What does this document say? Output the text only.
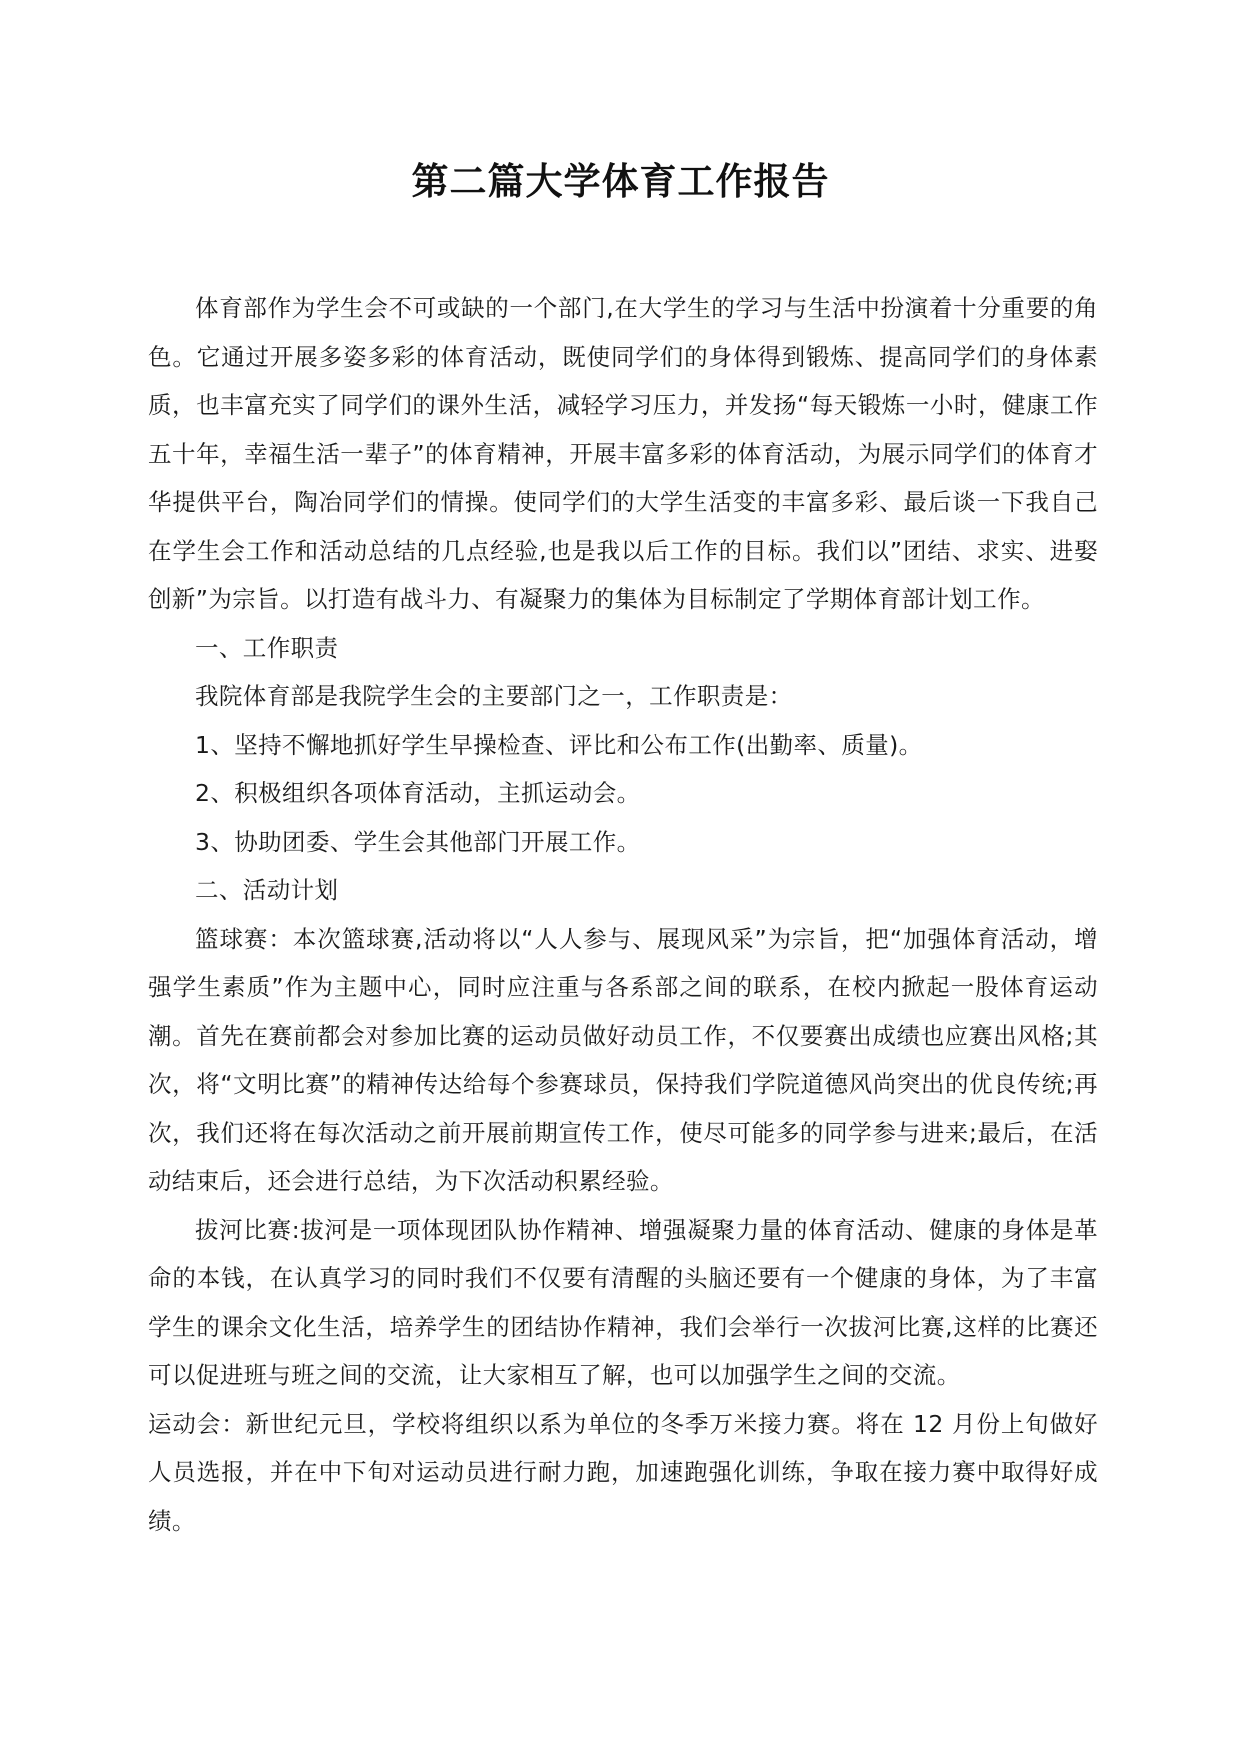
第二篇大学体育工作报告

体育部作为学生会不可或缺的一个部门,在大学生的学习与生活中扮演着十分重要的角色。它通过开展多姿多彩的体育活动，既使同学们的身体得到锻炼、提高同学们的身体素质，也丰富充实了同学们的课外生活，减轻学习压力，并发扬“每天锻炼一小时，健康工作五十年，幸福生活一辈子”的体育精神，开展丰富多彩的体育活动，为展示同学们的体育才华提供平台，陶冶同学们的情操。使同学们的大学生活变的丰富多彩、最后谈一下我自己在学生会工作和活动总结的几点经验,也是我以后工作的目标。我们以”团结、求实、进娶创新”为宗旨。以打造有战斗力、有凝聚力的集体为目标制定了学期体育部计划工作。

一、工作职责

我院体育部是我院学生会的主要部门之一，工作职责是：

1、坚持不懈地抓好学生早操检查、评比和公布工作(出勤率、质量)。

2、积极组织各项体育活动，主抓运动会。

3、协助团委、学生会其他部门开展工作。

二、活动计划

篮球赛：本次篮球赛,活动将以“人人参与、展现风采”为宗旨，把“加强体育活动，增强学生素质”作为主题中心，同时应注重与各系部之间的联系，在校内掀起一股体育运动潮。首先在赛前都会对参加比赛的运动员做好动员工作，不仅要赛出成绩也应赛出风格;其次，将“文明比赛”的精神传达给每个参赛球员，保持我们学院道德风尚突出的优良传统;再次，我们还将在每次活动之前开展前期宣传工作，使尽可能多的同学参与进来;最后，在活动结束后，还会进行总结，为下次活动积累经验。

拔河比赛:拔河是一项体现团队协作精神、增强凝聚力量的体育活动、健康的身体是革命的本钱，在认真学习的同时我们不仅要有清醒的头脑还要有一个健康的身体，为了丰富学生的课余文化生活，培养学生的团结协作精神，我们会举行一次拔河比赛,这样的比赛还可以促进班与班之间的交流，让大家相互了解，也可以加强学生之间的交流。

运动会：新世纪元旦，学校将组织以系为单位的冬季万米接力赛。将在 12 月份上旬做好人员选报，并在中下旬对运动员进行耐力跑，加速跑强化训练，争取在接力赛中取得好成绩。
